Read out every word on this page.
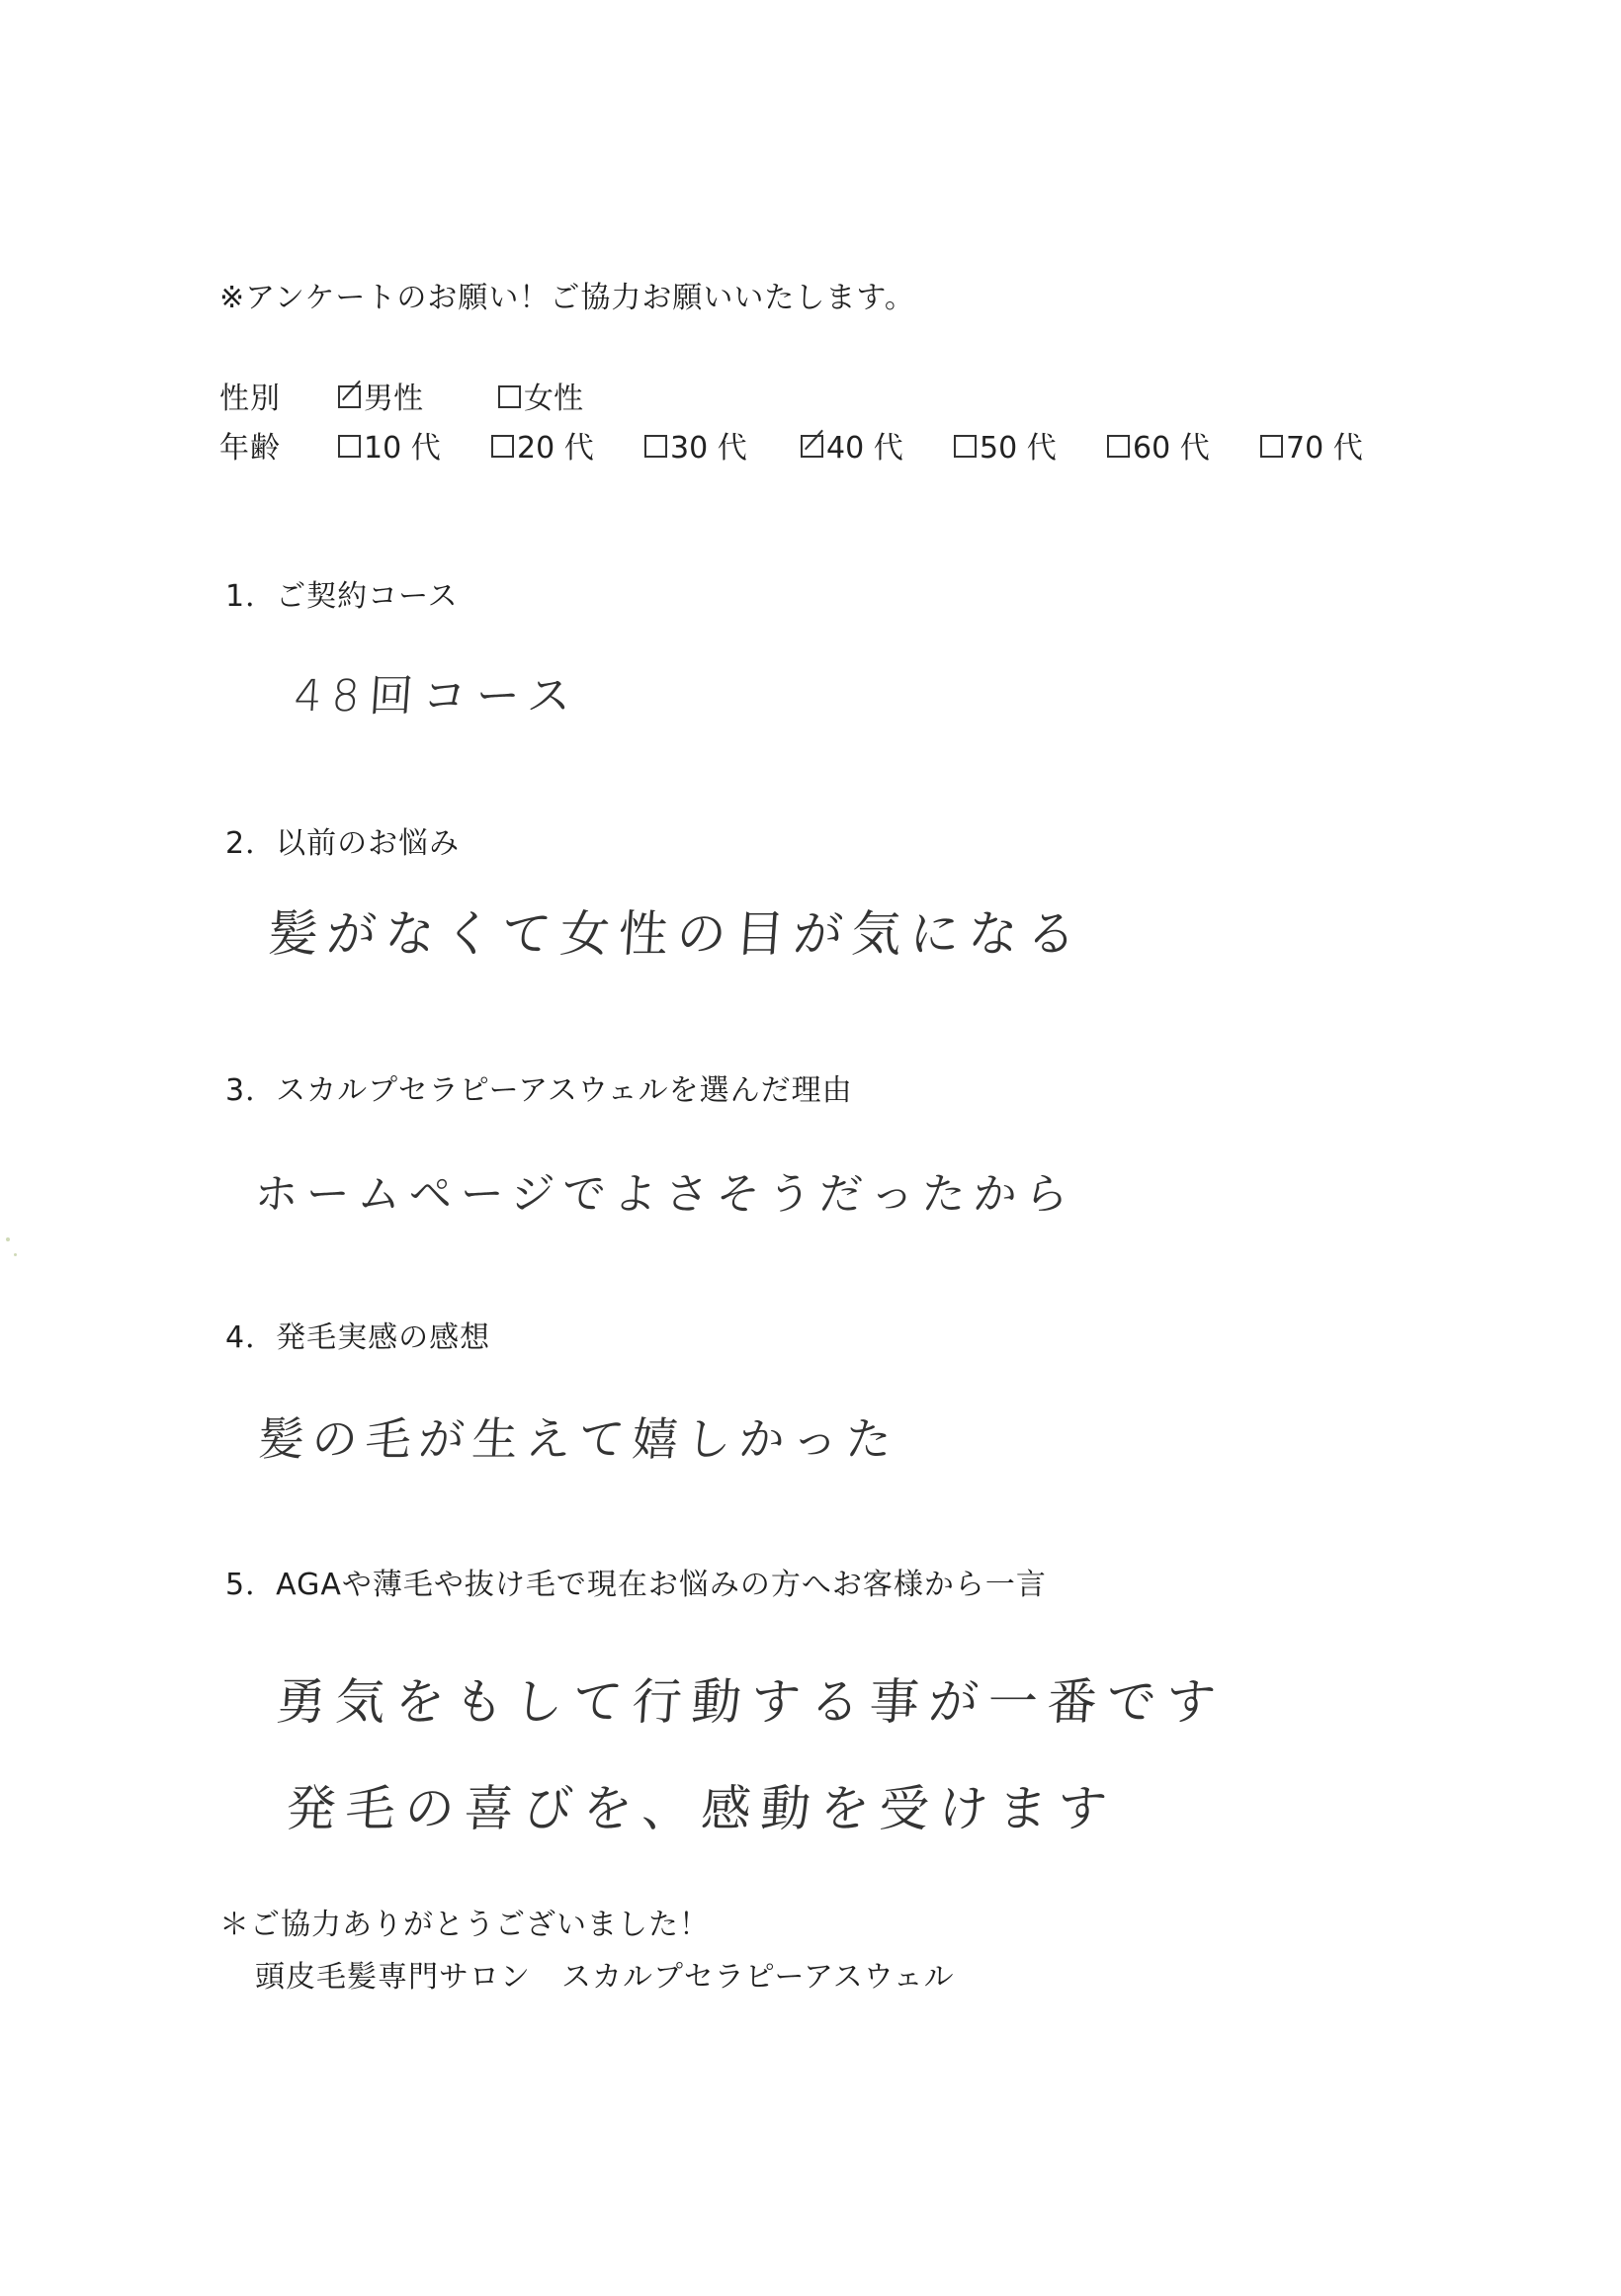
※アンケートのお願い！ご協力お願いいたします。
性別	男性	女性
年齢	10 代	20 代	30 代	40 代	50 代	60 代	70 代
1．ご契約コース
48回コース
2．以前のお悩み
髪がなくて女性の目が気になる
3．スカルプセラピーアスウェルを選んだ理由
ホームページでよさそうだったから
4．発毛実感の感想
髪の毛が生えて嬉しかった
5．AGAや薄毛や抜け毛で現在お悩みの方へお客様から一言
勇気をもして行動する事が一番です
発毛の喜びを、感動を受けます
＊ご協力ありがとうございました！
頭皮毛髪専門サロン　スカルプセラピーアスウェル
